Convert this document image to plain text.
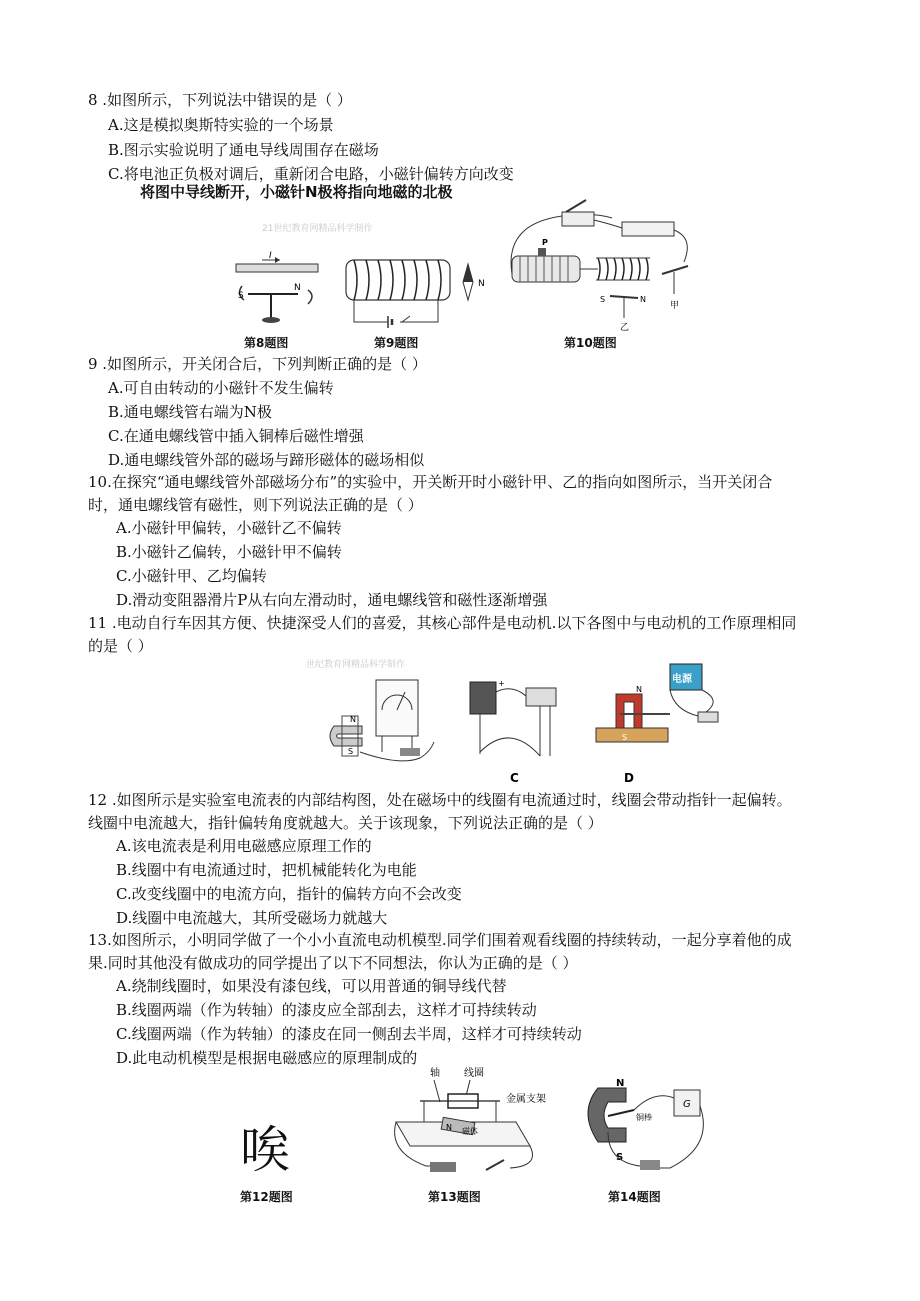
8 .如图所示，下列说法中错误的是（ ）
A.这是模拟奥斯特实验的一个场景
B.图示实验说明了通电导线周围存在磁场
C.将电池正负极对调后，重新闭合电路，小磁针偏转方向改变
将图中导线断开，小磁针N极将指向地磁的北极
21世纪教育网精品科学制作
I
S
N
第8题图
N
第9题图
P
甲
S	N
乙
第10题图
9 .如图所示，开关闭合后，下列判断正确的是（ ）
A.可自由转动的小磁针不发生偏转
B.通电螺线管右端为N极
C.在通电螺线管中插入铜棒后磁性增强
D.通电螺线管外部的磁场与蹄形磁体的磁场相似
10.在探究“通电螺线管外部磁场分布”的实验中，开关断开时小磁针甲、乙的指向如图所示，当开关闭合
时，通电螺线管有磁性，则下列说法正确的是（ ）
A.小磁针甲偏转，小磁针乙不偏转
B.小磁针乙偏转，小磁针甲不偏转
C.小磁针甲、乙均偏转
D.滑动变阻器滑片P从右向左滑动时，通电螺线管和磁性逐渐增强
11 .电动自行车因其方便、快捷深受人们的喜爱，其核心部件是电动机.以下各图中与电动机的工作原理相同
的是（ ）
世纪教育网精品科学制作
N
S
+
C
电源
N
S
D
12 .如图所示是实验室电流表的内部结构图，处在磁场中的线圈有电流通过时，线圈会带动指针一起偏转。
线圈中电流越大，指针偏转角度就越大。关于该现象，下列说法正确的是（ ）
A.该电流表是利用电磁感应原理工作的
B.线圈中有电流通过时，把机械能转化为电能
C.改变线圈中的电流方向，指针的偏转方向不会改变
D.线圈中电流越大，其所受磁场力就越大
13.如图所示，小明同学做了一个小小直流电动机模型.同学们围着观看线圈的持续转动，一起分享着他的成
果.同时其他没有做成功的同学提出了以下不同想法，你认为正确的是（ ）
A.绕制线圈时，如果没有漆包线，可以用普通的铜导线代替
B.线圈两端（作为转轴）的漆皮应全部刮去，这样才可持续转动
C.线圈两端（作为转轴）的漆皮在同一侧刮去半周，这样才可持续转动
D.此电动机模型是根据电磁感应的原理制成的
唉
第12题图
轴 线圈
金属支架
N 磁体
第13题图
N
S
铜棒
G
第14题图
